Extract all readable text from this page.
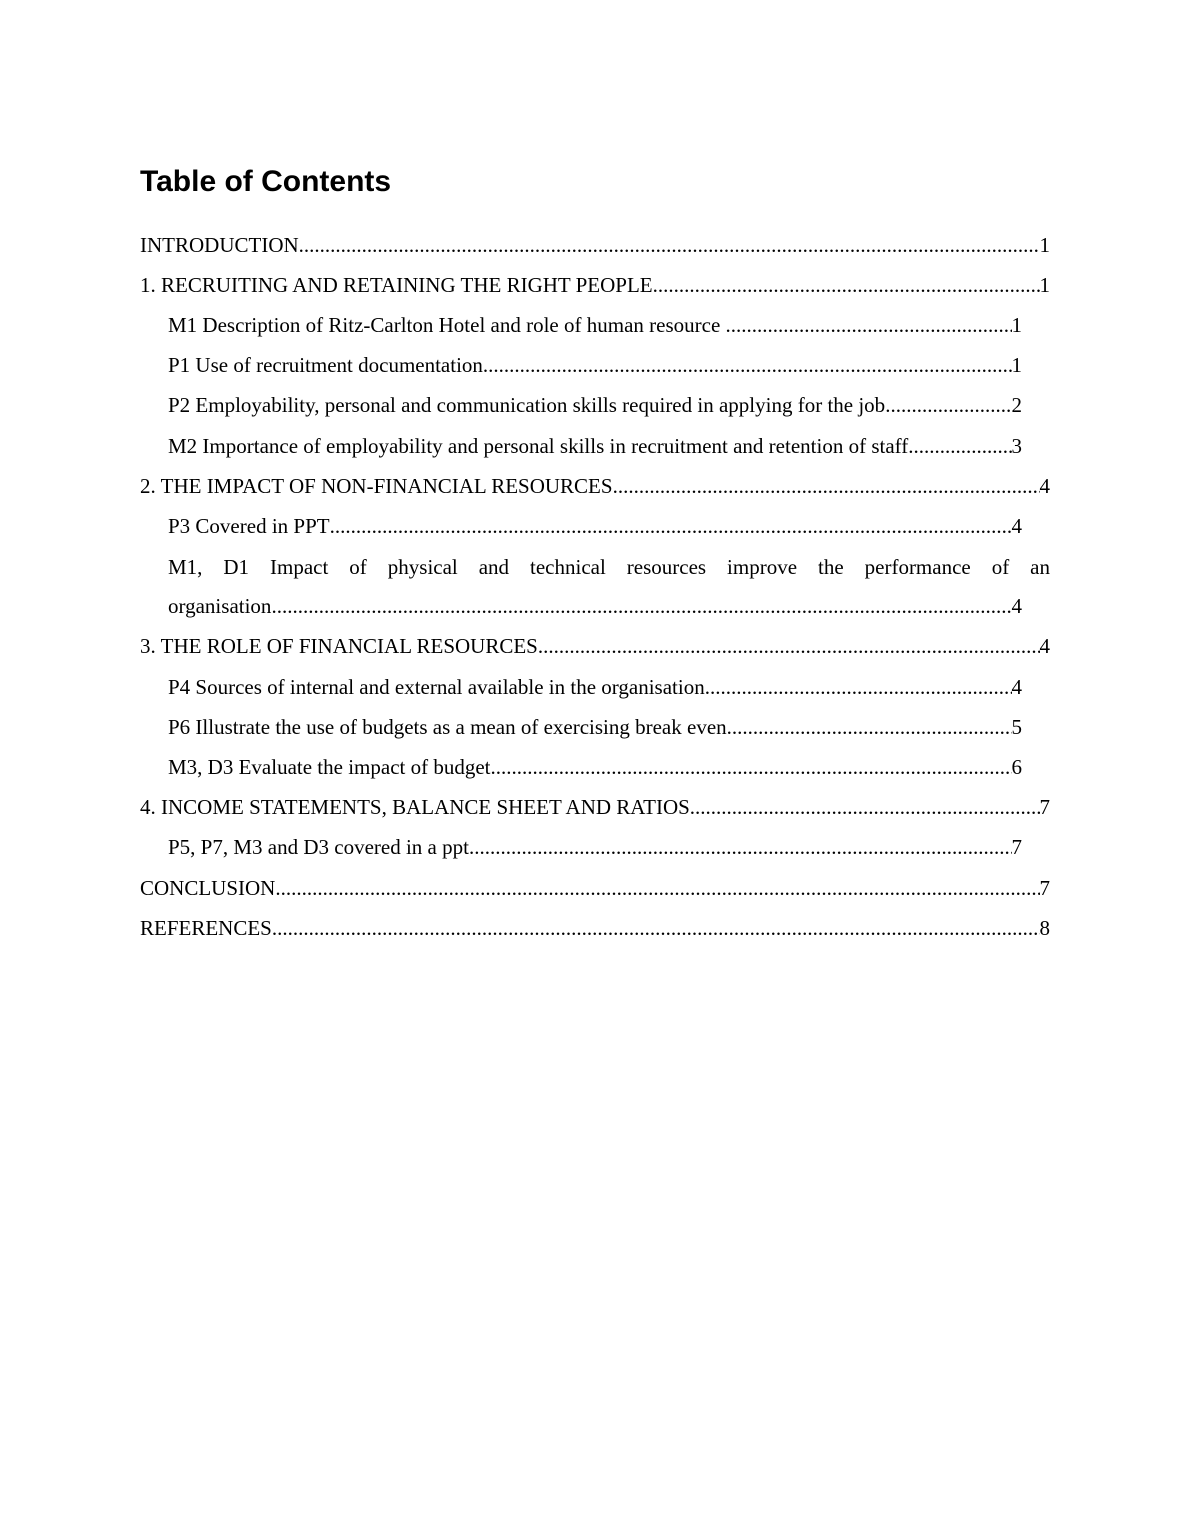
Table of Contents
INTRODUCTION .....	1
1. RECRUITING AND RETAINING THE RIGHT PEOPLE .....	1
M1 Description of Ritz-Carlton Hotel and role of human resource .....	1
P1 Use of recruitment documentation .....	1
P2 Employability, personal and communication skills required in applying for the job .....	2
M2 Importance of employability and personal skills in recruitment and retention of staff .....	3
2. THE IMPACT OF NON-FINANCIAL RESOURCES .....	4
P3 Covered in PPT .....	4
M1, D1 Impact of physical and technical resources improve the performance of an
organisation .....	4
3. THE ROLE OF FINANCIAL RESOURCES .....	4
P4 Sources of internal and external available in the organisation .....	4
P6 Illustrate the use of budgets as a mean of exercising break even .....	5
M3, D3 Evaluate the impact of budget .....	6
4. INCOME STATEMENTS, BALANCE SHEET AND RATIOS .....	7
P5, P7, M3 and D3 covered in a ppt .....	7
CONCLUSION .....	7
REFERENCES .....	8
